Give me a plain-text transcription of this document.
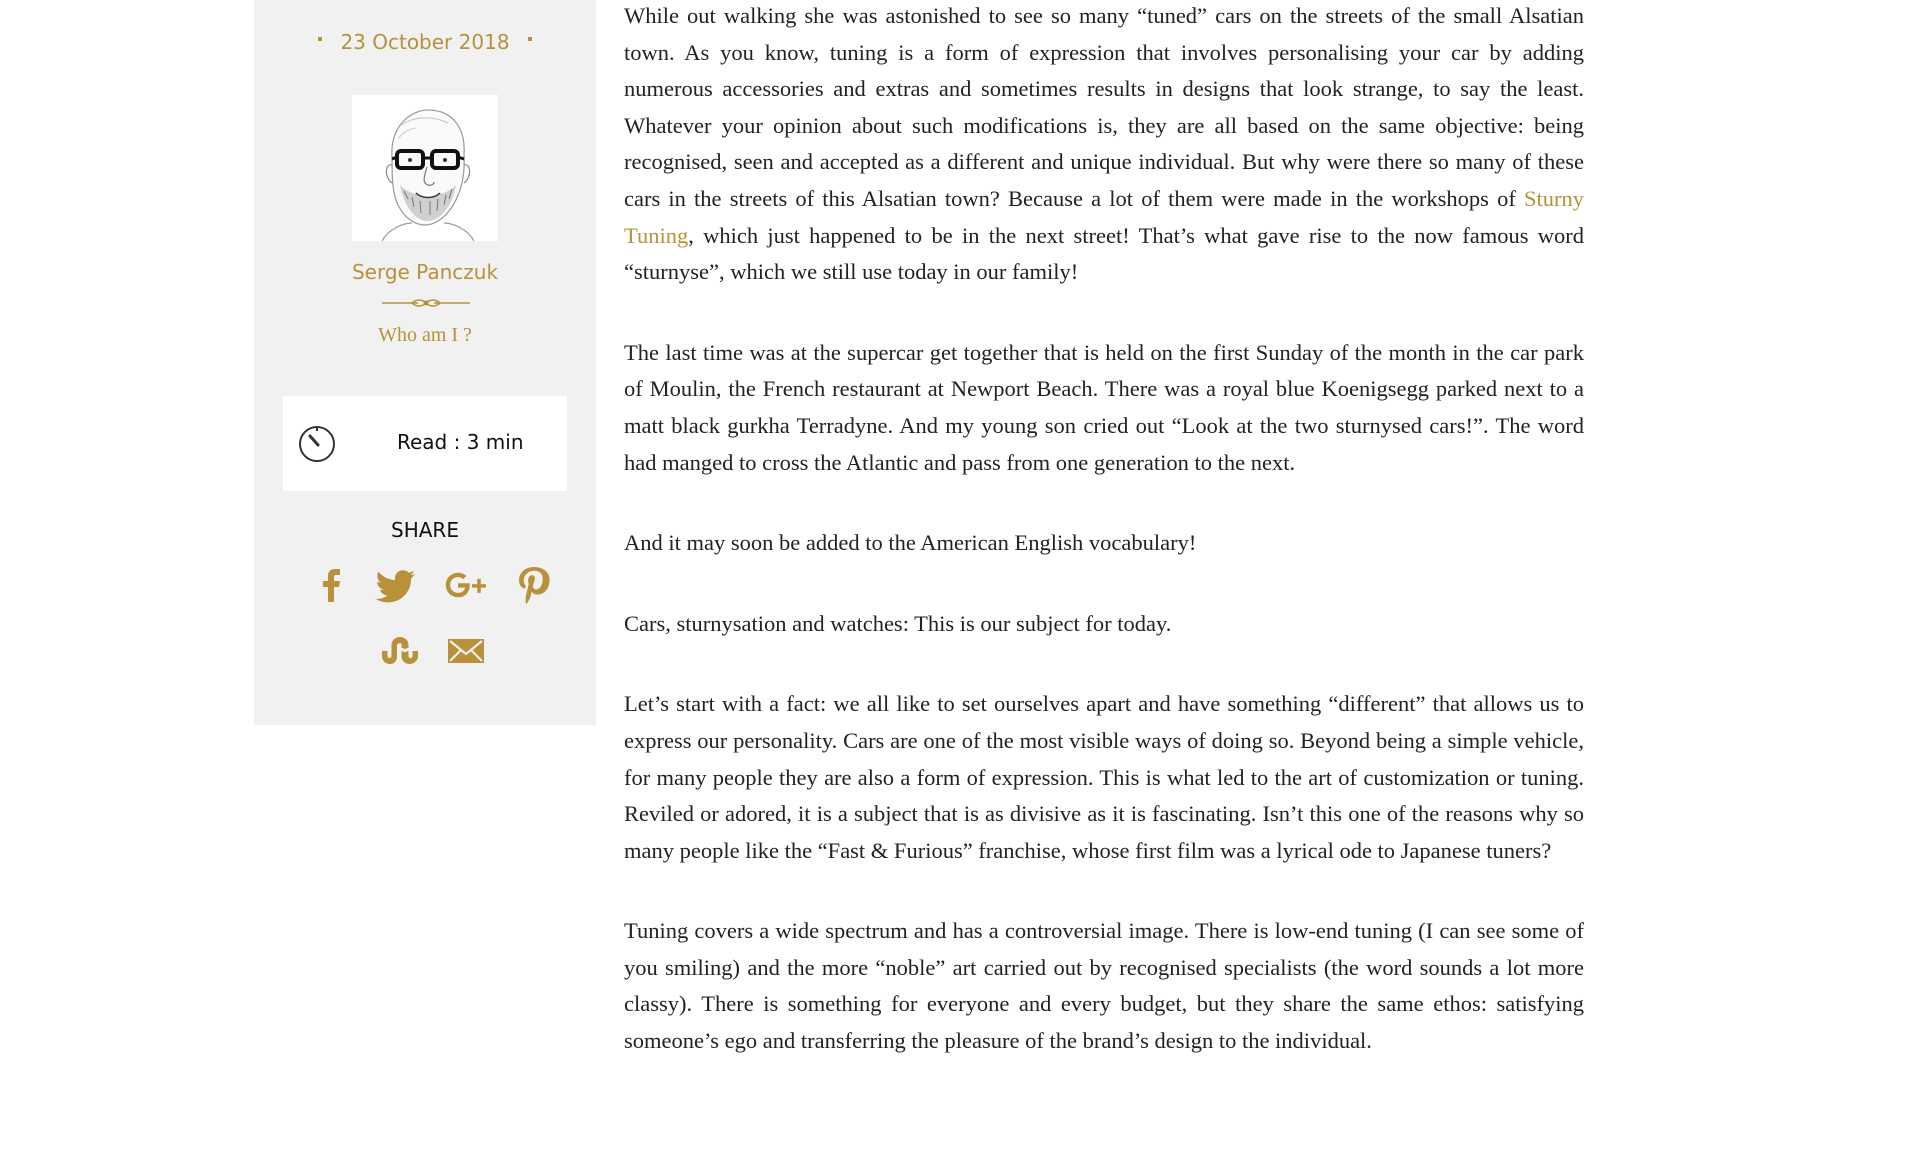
23 October 2018
Serge Panczuk
Who am I ?
Read : 3 min
SHARE

While out walking she was astonished to see so many “tuned” cars on the streets of the small Alsatian town. As you know, tuning is a form of expression that involves personalising your car by adding numerous accessories and extras and sometimes results in designs that look strange, to say the least. Whatever your opinion about such modifications is, they are all based on the same objective: being recognised, seen and accepted as a different and unique individual. But why were there so many of these cars in the streets of this Alsatian town? Because a lot of them were made in the workshops of Sturny Tuning, which just happened to be in the next street! That’s what gave rise to the now famous word “sturnyse”, which we still use today in our family!

The last time was at the supercar get together that is held on the first Sunday of the month in the car park of Moulin, the French restaurant at Newport Beach. There was a royal blue Koenigsegg parked next to a matt black gurkha Terradyne. And my young son cried out “Look at the two sturnysed cars!”. The word had manged to cross the Atlantic and pass from one generation to the next.

And it may soon be added to the American English vocabulary!

Cars, sturnysation and watches: This is our subject for today.

Let’s start with a fact: we all like to set ourselves apart and have something “different” that allows us to express our personality. Cars are one of the most visible ways of doing so. Beyond being a simple vehicle, for many people they are also a form of expression. This is what led to the art of customization or tuning. Reviled or adored, it is a subject that is as divisive as it is fascinating. Isn’t this one of the reasons why so many people like the “Fast & Furious” franchise, whose first film was a lyrical ode to Japanese tuners?

Tuning covers a wide spectrum and has a controversial image. There is low-end tuning (I can see some of you smiling) and the more “noble” art carried out by recognised specialists (the word sounds a lot more classy). There is something for everyone and every budget, but they share the same ethos: satisfying someone’s ego and transferring the pleasure of the brand’s design to the individual.
